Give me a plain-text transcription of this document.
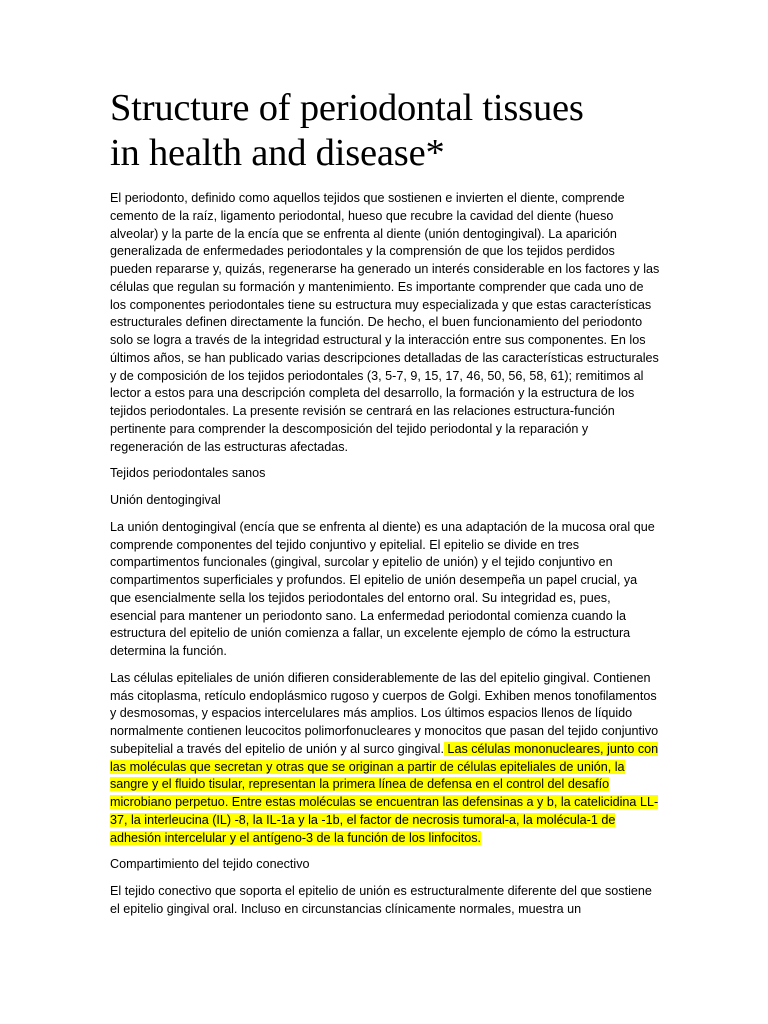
Structure of periodontal tissues
in health and disease*

El periodonto, definido como aquellos tejidos que sostienen e invierten el diente, comprende cemento de la raíz, ligamento periodontal, hueso que recubre la cavidad del diente (hueso alveolar) y la parte de la encía que se enfrenta al diente (unión dentogingival). La aparición generalizada de enfermedades periodontales y la comprensión de que los tejidos perdidos pueden repararse y, quizás, regenerarse ha generado un interés considerable en los factores y las células que regulan su formación y mantenimiento. Es importante comprender que cada uno de los componentes periodontales tiene su estructura muy especializada y que estas características estructurales definen directamente la función. De hecho, el buen funcionamiento del periodonto solo se logra a través de la integridad estructural y la interacción entre sus componentes. En los últimos años, se han publicado varias descripciones detalladas de las características estructurales y de composición de los tejidos periodontales (3, 5-7, 9, 15, 17, 46, 50, 56, 58, 61); remitimos al lector a estos para una descripción completa del desarrollo, la formación y la estructura de los tejidos periodontales. La presente revisión se centrará en las relaciones estructura-función pertinente para comprender la descomposición del tejido periodontal y la reparación y regeneración de las estructuras afectadas.

Tejidos periodontales sanos

Unión dentogingival

La unión dentogingival (encía que se enfrenta al diente) es una adaptación de la mucosa oral que comprende componentes del tejido conjuntivo y epitelial. El epitelio se divide en tres compartimentos funcionales (gingival, surcolar y epitelio de unión) y el tejido conjuntivo en compartimentos superficiales y profundos. El epitelio de unión desempeña un papel crucial, ya que esencialmente sella los tejidos periodontales del entorno oral. Su integridad es, pues, esencial para mantener un periodonto sano. La enfermedad periodontal comienza cuando la estructura del epitelio de unión comienza a fallar, un excelente ejemplo de cómo la estructura determina la función.

Las células epiteliales de unión difieren considerablemente de las del epitelio gingival. Contienen más citoplasma, retículo endoplásmico rugoso y cuerpos de Golgi. Exhiben menos tonofilamentos y desmosomas, y espacios intercelulares más amplios. Los últimos espacios llenos de líquido normalmente contienen leucocitos polimorfonucleares y monocitos que pasan del tejido conjuntivo subepitelial a través del epitelio de unión y al surco gingival. Las células mononucleares, junto con las moléculas que secretan y otras que se originan a partir de células epiteliales de unión, la sangre y el fluido tisular, representan la primera línea de defensa en el control del desafío microbiano perpetuo. Entre estas moléculas se encuentran las defensinas a y b, la catelicidina LL-37, la interleucina (IL) -8, la IL-1a y la -1b, el factor de necrosis tumoral-a, la molécula-1 de adhesión intercelular y el antígeno-3 de la función de los linfocitos.

Compartimiento del tejido conectivo

El tejido conectivo que soporta el epitelio de unión es estructuralmente diferente del que sostiene el epitelio gingival oral. Incluso en circunstancias clínicamente normales, muestra un
